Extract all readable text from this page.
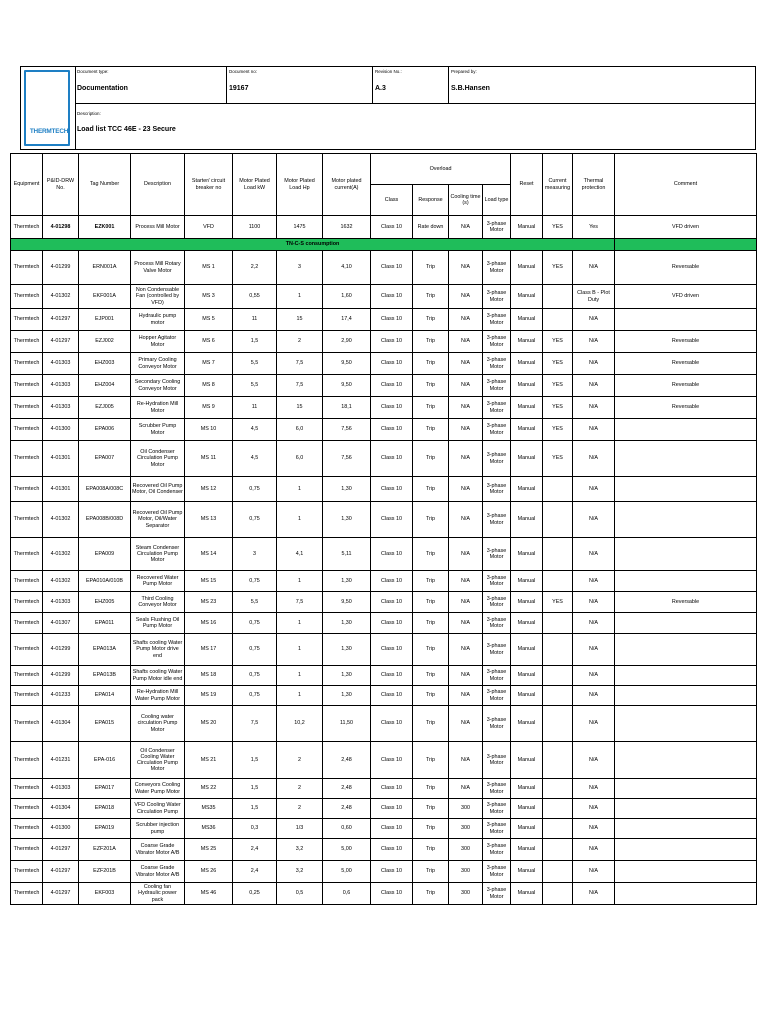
THERMTECH
Document type:
Documentation
Document no:
19167
Revision No.:
A.3
Prepared by:
S.B.Hansen
Description:
Load list TCC 46E - 23 Secure
Equipment	P&ID-DRW No.	Tag Number	Description	Starter/ circuit breaker no	Motor Plated Load kW	Motor Plated Load Hp	Motor plated current(A)	Overload				Reset	Current measuring	Thermal protection	Comment
								Class	Response	Cooling time (s)	Load type				
Thermtech	4-01298	EZK001	Process Mill Motor	VFD	1100	1475	1632	Class 10	Rate down	N/A	3-phase Motor	Manual	YES	Yes	VFD driven
TN-C-S consumption															
Thermtech	4-01299	ERN001A	Process Mill Rotary Valve Motor	MS 1	2,2	3	4,10	Class 10	Trip	N/A	3-phase Motor	Manual	YES	N/A	Reversable
Thermtech	4-01302	EKF001A	Non Condensable Fan (controlled by VFD)	MS 3	0,55	1	1,60	Class 10	Trip	N/A	3-phase Motor	Manual		Class B - Plot Duty	VFD driven
Thermtech	4-01297	EJP001	Hydraulic pump motor	MS 5	11	15	17,4	Class 10	Trip	N/A	3-phase Motor	Manual		N/A	
Thermtech	4-01297	EZJ002	Hopper Agitator Motor	MS 6	1,5	2	2,90	Class 10	Trip	N/A	3-phase Motor	Manual	YES	N/A	Reversable
Thermtech	4-01303	EHZ003	Primary Cooling Conveyor Motor	MS 7	5,5	7,5	9,50	Class 10	Trip	N/A	3-phase Motor	Manual	YES	N/A	Reversable
Thermtech	4-01303	EHZ004	Secondary Cooling Conveyor Motor	MS 8	5,5	7,5	9,50	Class 10	Trip	N/A	3-phase Motor	Manual	YES	N/A	Reversable
Thermtech	4-01303	EZJ005	Re-Hydration Mill Motor	MS 9	11	15	18,1	Class 10	Trip	N/A	3-phase Motor	Manual	YES	N/A	Reversable
Thermtech	4-01300	EPA006	Scrubber Pump Motor	MS 10	4,5	6,0	7,56	Class 10	Trip	N/A	3-phase Motor	Manual	YES	N/A	
Thermtech	4-01301	EPA007	Oil Condenser Circulation Pump Motor	MS 11	4,5	6,0	7,56	Class 10	Trip	N/A	3-phase Motor	Manual	YES	N/A	
Thermtech	4-01301	EPA008A/008C	Recovered Oil Pump Motor, Oil Condenser	MS 12	0,75	1	1,30	Class 10	Trip	N/A	3-phase Motor	Manual		N/A	
Thermtech	4-01302	EPA008B/008D	Recovered Oil Pump Motor, Oil/Water Separator	MS 13	0,75	1	1,30	Class 10	Trip	N/A	3-phase Motor	Manual		N/A	
Thermtech	4-01302	EPA009	Steam Condenser Circulation Pump Motor	MS 14	3	4,1	5,11	Class 10	Trip	N/A	3-phase Motor	Manual		N/A	
Thermtech	4-01302	EPA010A/010B	Recovered Water Pump Motor	MS 15	0,75	1	1,30	Class 10	Trip	N/A	3-phase Motor	Manual		N/A	
Thermtech	4-01303	EHZ005	Third Cooling Conveyor Motor	MS 23	5,5	7,5	9,50	Class 10	Trip	N/A	3-phase Motor	Manual	YES	N/A	Reversable
Thermtech	4-01307	EPA011	Seals Flushing Oil Pump Motor	MS 16	0,75	1	1,30	Class 10	Trip	N/A	3-phase Motor	Manual		N/A	
Thermtech	4-01299	EPA013A	Shafts cooling Water Pump Motor drive end	MS 17	0,75	1	1,30	Class 10	Trip	N/A	3-phase Motor	Manual		N/A	
Thermtech	4-01299	EPA013B	Shafts cooling Water Pump Motor idle end	MS 18	0,75	1	1,30	Class 10	Trip	N/A	3-phase Motor	Manual		N/A	
Thermtech	4-01233	EPA014	Re-Hydration Mill Water Pump Motor	MS 19	0,75	1	1,30	Class 10	Trip	N/A	3-phase Motor	Manual		N/A	
Thermtech	4-01304	EPA015	Cooling water circulation Pump Motor	MS 20	7,5	10,2	11,50	Class 10	Trip	N/A	3-phase Motor	Manual		N/A	
Thermtech	4-01231	EPA-016	Oil Condenser Cooling Water Circulation Pump Motor	MS 21	1,5	2	2,48	Class 10	Trip	N/A	3-phase Motor	Manual		N/A	
Thermtech	4-01303	EPA017	Conveyors Cooling Water Pump Motor	MS 22	1,5	2	2,48	Class 10	Trip	N/A	3-phase Motor	Manual		N/A	
Thermtech	4-01304	EPA018	VFD Cooling Water Circulation Pump	MS35	1,5	2	2,48	Class 10	Trip	300	3-phase Motor	Manual		N/A	
Thermtech	4-01300	EPA019	Scrubber injection pump	MS36	0,3	1/3	0,60	Class 10	Trip	300	3-phase Motor	Manual		N/A	
Thermtech	4-01297	EZF201A	Coarse Grade Vibrator Motor A/B	MS 25	2,4	3,2	5,00	Class 10	Trip	300	3-phase Motor	Manual		N/A	
Thermtech	4-01297	EZF201B	Coarse Grade Vibrator Motor A/B	MS 26	2,4	3,2	5,00	Class 10	Trip	300	3-phase Motor	Manual		N/A	
Thermtech	4-01297	EKF003	Cooling fan Hydraulic power pack	MS 46	0,25	0,5	0,6	Class 10	Trip	300	3-phase Motor	Manual		N/A	
